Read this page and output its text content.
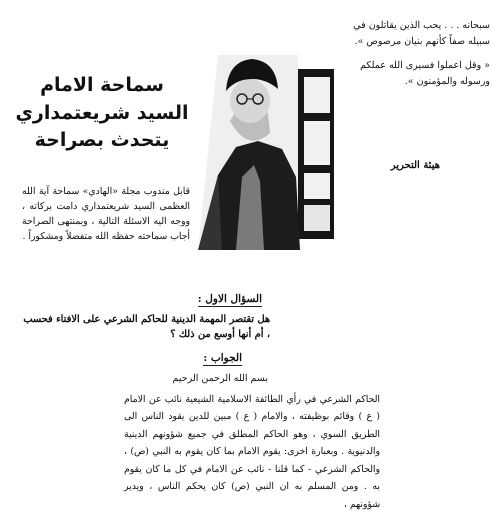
سبحانه . . . يحب الذين يقاتلون في سبيله صفاً كأنهم بنيان مرصوص ».

« وقل اعملوا فسيرى الله عملكم ورسوله والمؤمنون ».

هيئة التحرير
سماحة الامام
السيد شريعتمداري
يتحدث بصراحة
قابل مندوب مجلة «الهادي» سماحة آية الله العظمى السيد شريعتمداري دامت بركاته ، ووجه اليه الاسئلة التالية ، وبمنتهى الصراحة أجاب سماحته حفظه الله متفضلاً ومشكوراً .
السؤال الاول :
هل تقتصر المهمة الدينية للحاكم الشرعي على الافتاء فحسب ، أم أنها أوسع من ذلك ؟
الجواب :
بسم الله الرحمن الرحيم
الحاكم الشرعي في رأي الطائفة الاسلامية الشيعية نائب عن الامام ( ع ) وقائم بوظيفته ، والامام ( ع ) مبين للدين يقود الناس الى الطريق السوي ، وهو الحاكم المطلق في جميع شؤونهم الدينية والدنيوية . وبعبارة اخرى: يقوم الامام بما كان يقوم به النبي (ص) ، والحاكم الشرعي - كما قلنا - نائب عن الامام في كل ما كان يقوم به . ومن المسلم به ان النبي (ص) كان يحكم الناس ، ويدير شؤونهم ،
